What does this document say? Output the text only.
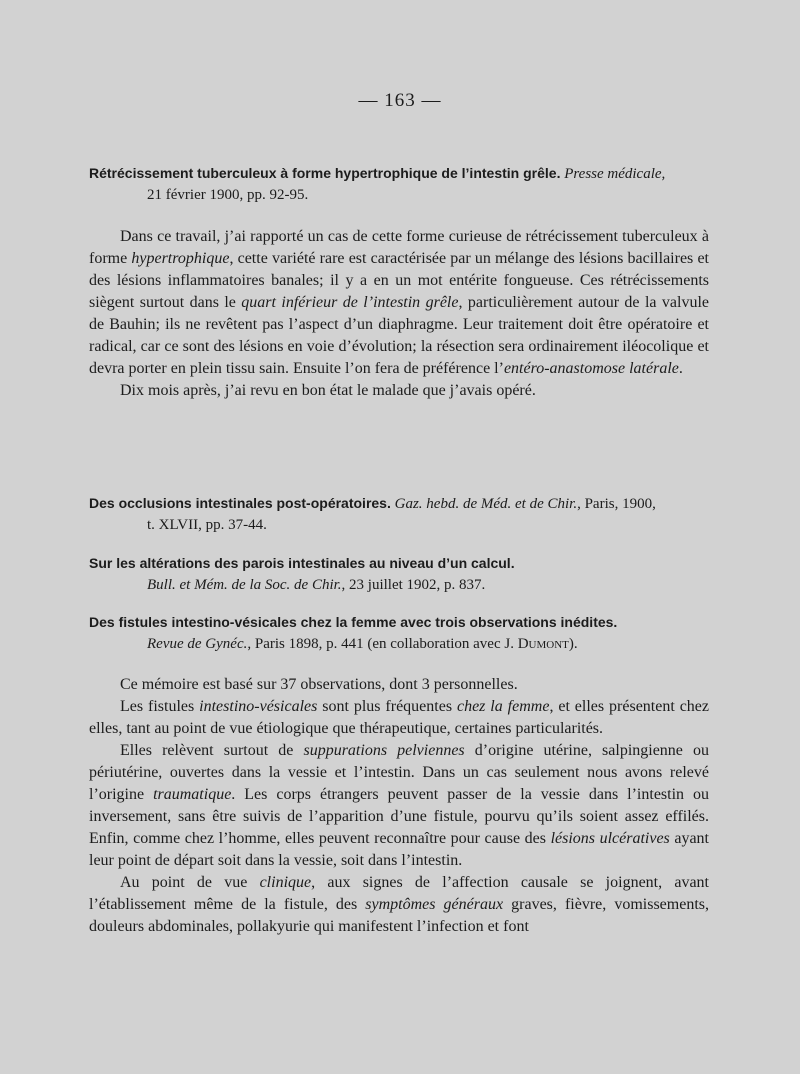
— 163 —
Rétrécissement tuberculeux à forme hypertrophique de l’intestin grêle. Presse médicale,
21 février 1900, pp. 92-95.

Dans ce travail, j’ai rapporté un cas de cette forme curieuse de rétrécissement tuberculeux à forme hypertrophique, cette variété rare est caractérisée par un mélange des lésions bacillaires et des lésions inflammatoires banales; il y a en un mot entérite fongueuse. Ces rétrécissements siègent surtout dans le quart inférieur de l’intestin grêle, particulièrement autour de la valvule de Bauhin; ils ne revêtent pas l’aspect d’un diaphragme. Leur traitement doit être opératoire et radical, car ce sont des lésions en voie d’évolution; la résection sera ordinairement iléocolique et devra porter en plein tissu sain. Ensuite l’on fera de préférence l’entéro-anastomose latérale.

Dix mois après, j’ai revu en bon état le malade que j’avais opéré.

Des occlusions intestinales post-opératoires. Gaz. hebd. de Méd. et de Chir., Paris, 1900,
t. XLVII, pp. 37-44.
Sur les altérations des parois intestinales au niveau d’un calcul.
Bull. et Mém. de la Soc. de Chir., 23 juillet 1902, p. 837.
Des fistules intestino-vésicales chez la femme avec trois observations inédites.
Revue de Gynéc., Paris 1898, p. 441 (en collaboration avec J. Dumont).

Ce mémoire est basé sur 37 observations, dont 3 personnelles.

Les fistules intestino-vésicales sont plus fréquentes chez la femme, et elles présentent chez elles, tant au point de vue étiologique que thérapeutique, certaines particularités.

Elles relèvent surtout de suppurations pelviennes d’origine utérine, salpingienne ou périutérine, ouvertes dans la vessie et l’intestin. Dans un cas seulement nous avons relevé l’origine traumatique. Les corps étrangers peuvent passer de la vessie dans l’intestin ou inversement, sans être suivis de l’apparition d’une fistule, pourvu qu’ils soient assez effilés. Enfin, comme chez l’homme, elles peuvent reconnaître pour cause des lésions ulcératives ayant leur point de départ soit dans la vessie, soit dans l’intestin.

Au point de vue clinique, aux signes de l’affection causale se joignent, avant l’établissement même de la fistule, des symptômes généraux graves, fièvre, vomissements, douleurs abdominales, pollakyurie qui manifestent l’infection et font
